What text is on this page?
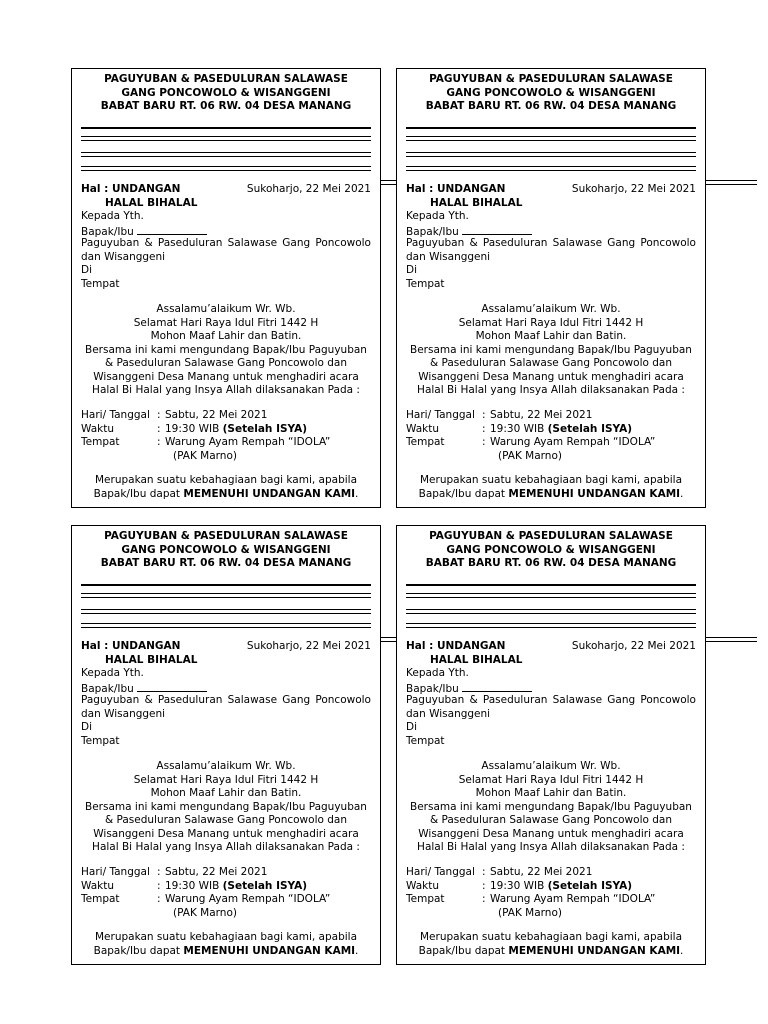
PAGUYUBAN & PASEDULURAN SALAWASE
GANG PONCOWOLO & WISANGGENI
BABAT BARU RT. 06 RW. 04 DESA MANANG
Hal : UNDANGAN	Sukoharjo, 22 Mei 2021
HALAL BIHALAL
Kepada Yth.
Bapak/Ibu
Paguyuban & Paseduluran Salawase Gang Poncowolo
dan Wisanggeni
Di
Tempat
Assalamu’alaikum Wr. Wb.
Selamat Hari Raya Idul Fitri 1442 H
Mohon Maaf Lahir dan Batin.
Bersama ini kami mengundang Bapak/Ibu Paguyuban
& Paseduluran Salawase Gang Poncowolo dan
Wisanggeni Desa Manang untuk menghadiri acara
Halal Bi Halal yang Insya Allah dilaksanakan Pada :
Hari/ Tanggal : Sabtu, 22 Mei 2021
Waktu	: 19:30 WIB (Setelah ISYA)
Tempat	: Warung Ayam Rempah “IDOLA”
(PAK Marno)
Merupakan suatu kebahagiaan bagi kami, apabila
Bapak/Ibu dapat MEMENUHI UNDANGAN KAMI.
PAGUYUBAN & PASEDULURAN SALAWASE
GANG PONCOWOLO & WISANGGENI
BABAT BARU RT. 06 RW. 04 DESA MANANG
Hal : UNDANGAN	Sukoharjo, 22 Mei 2021
HALAL BIHALAL
Kepada Yth.
Bapak/Ibu
Paguyuban & Paseduluran Salawase Gang Poncowolo
dan Wisanggeni
Di
Tempat
Assalamu’alaikum Wr. Wb.
Selamat Hari Raya Idul Fitri 1442 H
Mohon Maaf Lahir dan Batin.
Bersama ini kami mengundang Bapak/Ibu Paguyuban
& Paseduluran Salawase Gang Poncowolo dan
Wisanggeni Desa Manang untuk menghadiri acara
Halal Bi Halal yang Insya Allah dilaksanakan Pada :
Hari/ Tanggal : Sabtu, 22 Mei 2021
Waktu	: 19:30 WIB (Setelah ISYA)
Tempat	: Warung Ayam Rempah “IDOLA”
(PAK Marno)
Merupakan suatu kebahagiaan bagi kami, apabila
Bapak/Ibu dapat MEMENUHI UNDANGAN KAMI.
PAGUYUBAN & PASEDULURAN SALAWASE
GANG PONCOWOLO & WISANGGENI
BABAT BARU RT. 06 RW. 04 DESA MANANG
Hal : UNDANGAN	Sukoharjo, 22 Mei 2021
HALAL BIHALAL
Kepada Yth.
Bapak/Ibu
Paguyuban & Paseduluran Salawase Gang Poncowolo
dan Wisanggeni
Di
Tempat
Assalamu’alaikum Wr. Wb.
Selamat Hari Raya Idul Fitri 1442 H
Mohon Maaf Lahir dan Batin.
Bersama ini kami mengundang Bapak/Ibu Paguyuban
& Paseduluran Salawase Gang Poncowolo dan
Wisanggeni Desa Manang untuk menghadiri acara
Halal Bi Halal yang Insya Allah dilaksanakan Pada :
Hari/ Tanggal : Sabtu, 22 Mei 2021
Waktu	: 19:30 WIB (Setelah ISYA)
Tempat	: Warung Ayam Rempah “IDOLA”
(PAK Marno)
Merupakan suatu kebahagiaan bagi kami, apabila
Bapak/Ibu dapat MEMENUHI UNDANGAN KAMI.
PAGUYUBAN & PASEDULURAN SALAWASE
GANG PONCOWOLO & WISANGGENI
BABAT BARU RT. 06 RW. 04 DESA MANANG
Hal : UNDANGAN	Sukoharjo, 22 Mei 2021
HALAL BIHALAL
Kepada Yth.
Bapak/Ibu
Paguyuban & Paseduluran Salawase Gang Poncowolo
dan Wisanggeni
Di
Tempat
Assalamu’alaikum Wr. Wb.
Selamat Hari Raya Idul Fitri 1442 H
Mohon Maaf Lahir dan Batin.
Bersama ini kami mengundang Bapak/Ibu Paguyuban
& Paseduluran Salawase Gang Poncowolo dan
Wisanggeni Desa Manang untuk menghadiri acara
Halal Bi Halal yang Insya Allah dilaksanakan Pada :
Hari/ Tanggal : Sabtu, 22 Mei 2021
Waktu	: 19:30 WIB (Setelah ISYA)
Tempat	: Warung Ayam Rempah “IDOLA”
(PAK Marno)
Merupakan suatu kebahagiaan bagi kami, apabila
Bapak/Ibu dapat MEMENUHI UNDANGAN KAMI.
